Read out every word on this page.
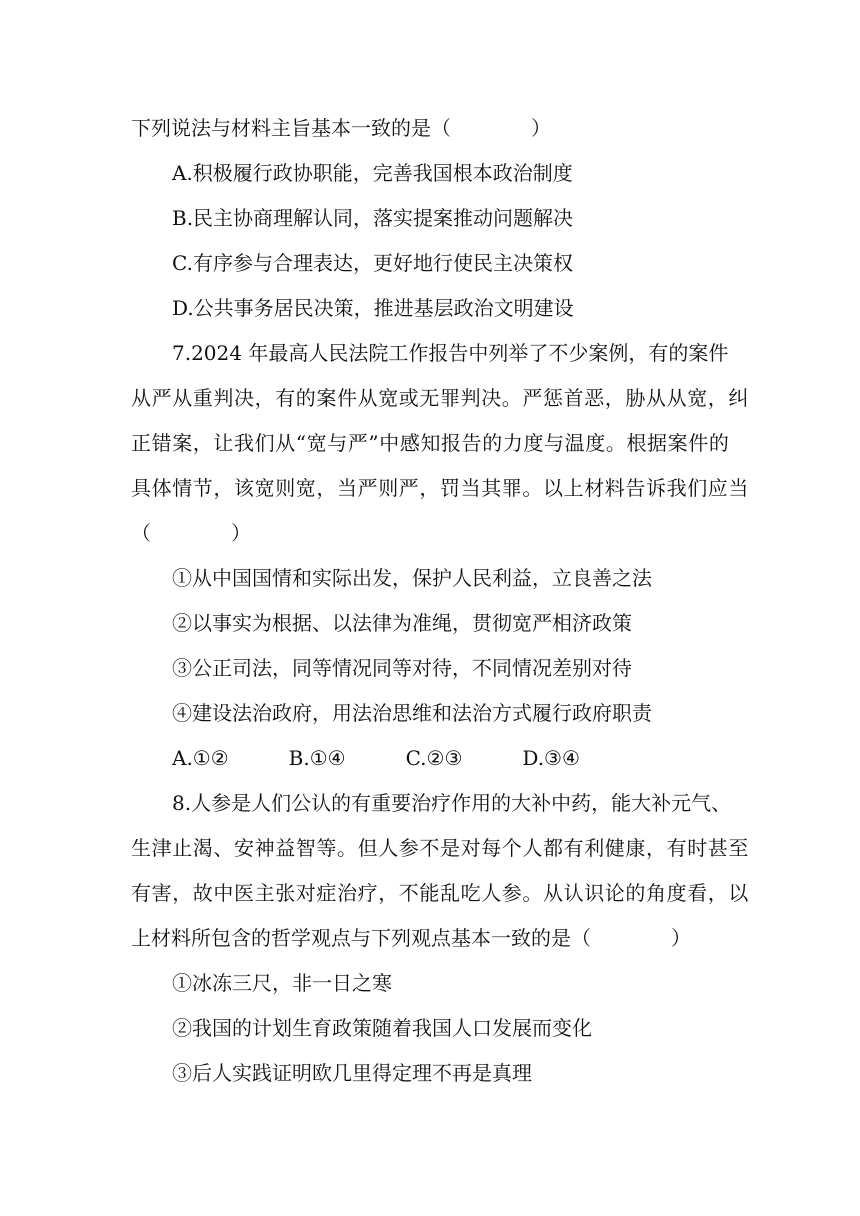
下列说法与材料主旨基本一致的是（　　　　）
A.积极履行政协职能，完善我国根本政治制度
B.民主协商理解认同，落实提案推动问题解决
C.有序参与合理表达，更好地行使民主决策权
D.公共事务居民决策，推进基层政治文明建设
7.2024 年最高人民法院工作报告中列举了不少案例，有的案件
从严从重判决，有的案件从宽或无罪判决。严惩首恶，胁从从宽，纠
正错案，让我们从“宽与严”中感知报告的力度与温度。根据案件的
具体情节，该宽则宽，当严则严，罚当其罪。以上材料告诉我们应当
（　　　　）
①从中国国情和实际出发，保护人民利益，立良善之法
②以事实为根据、以法律为准绳，贯彻宽严相济政策
③公正司法，同等情况同等对待，不同情况差别对待
④建设法治政府，用法治思维和法治方式履行政府职责
A.①②　　　B.①④　　　C.②③　　　D.③④
8.人参是人们公认的有重要治疗作用的大补中药，能大补元气、
生津止渴、安神益智等。但人参不是对每个人都有利健康，有时甚至
有害，故中医主张对症治疗，不能乱吃人参。从认识论的角度看，以
上材料所包含的哲学观点与下列观点基本一致的是（　　　　）
①冰冻三尺，非一日之寒
②我国的计划生育政策随着我国人口发展而变化
③后人实践证明欧几里得定理不再是真理
